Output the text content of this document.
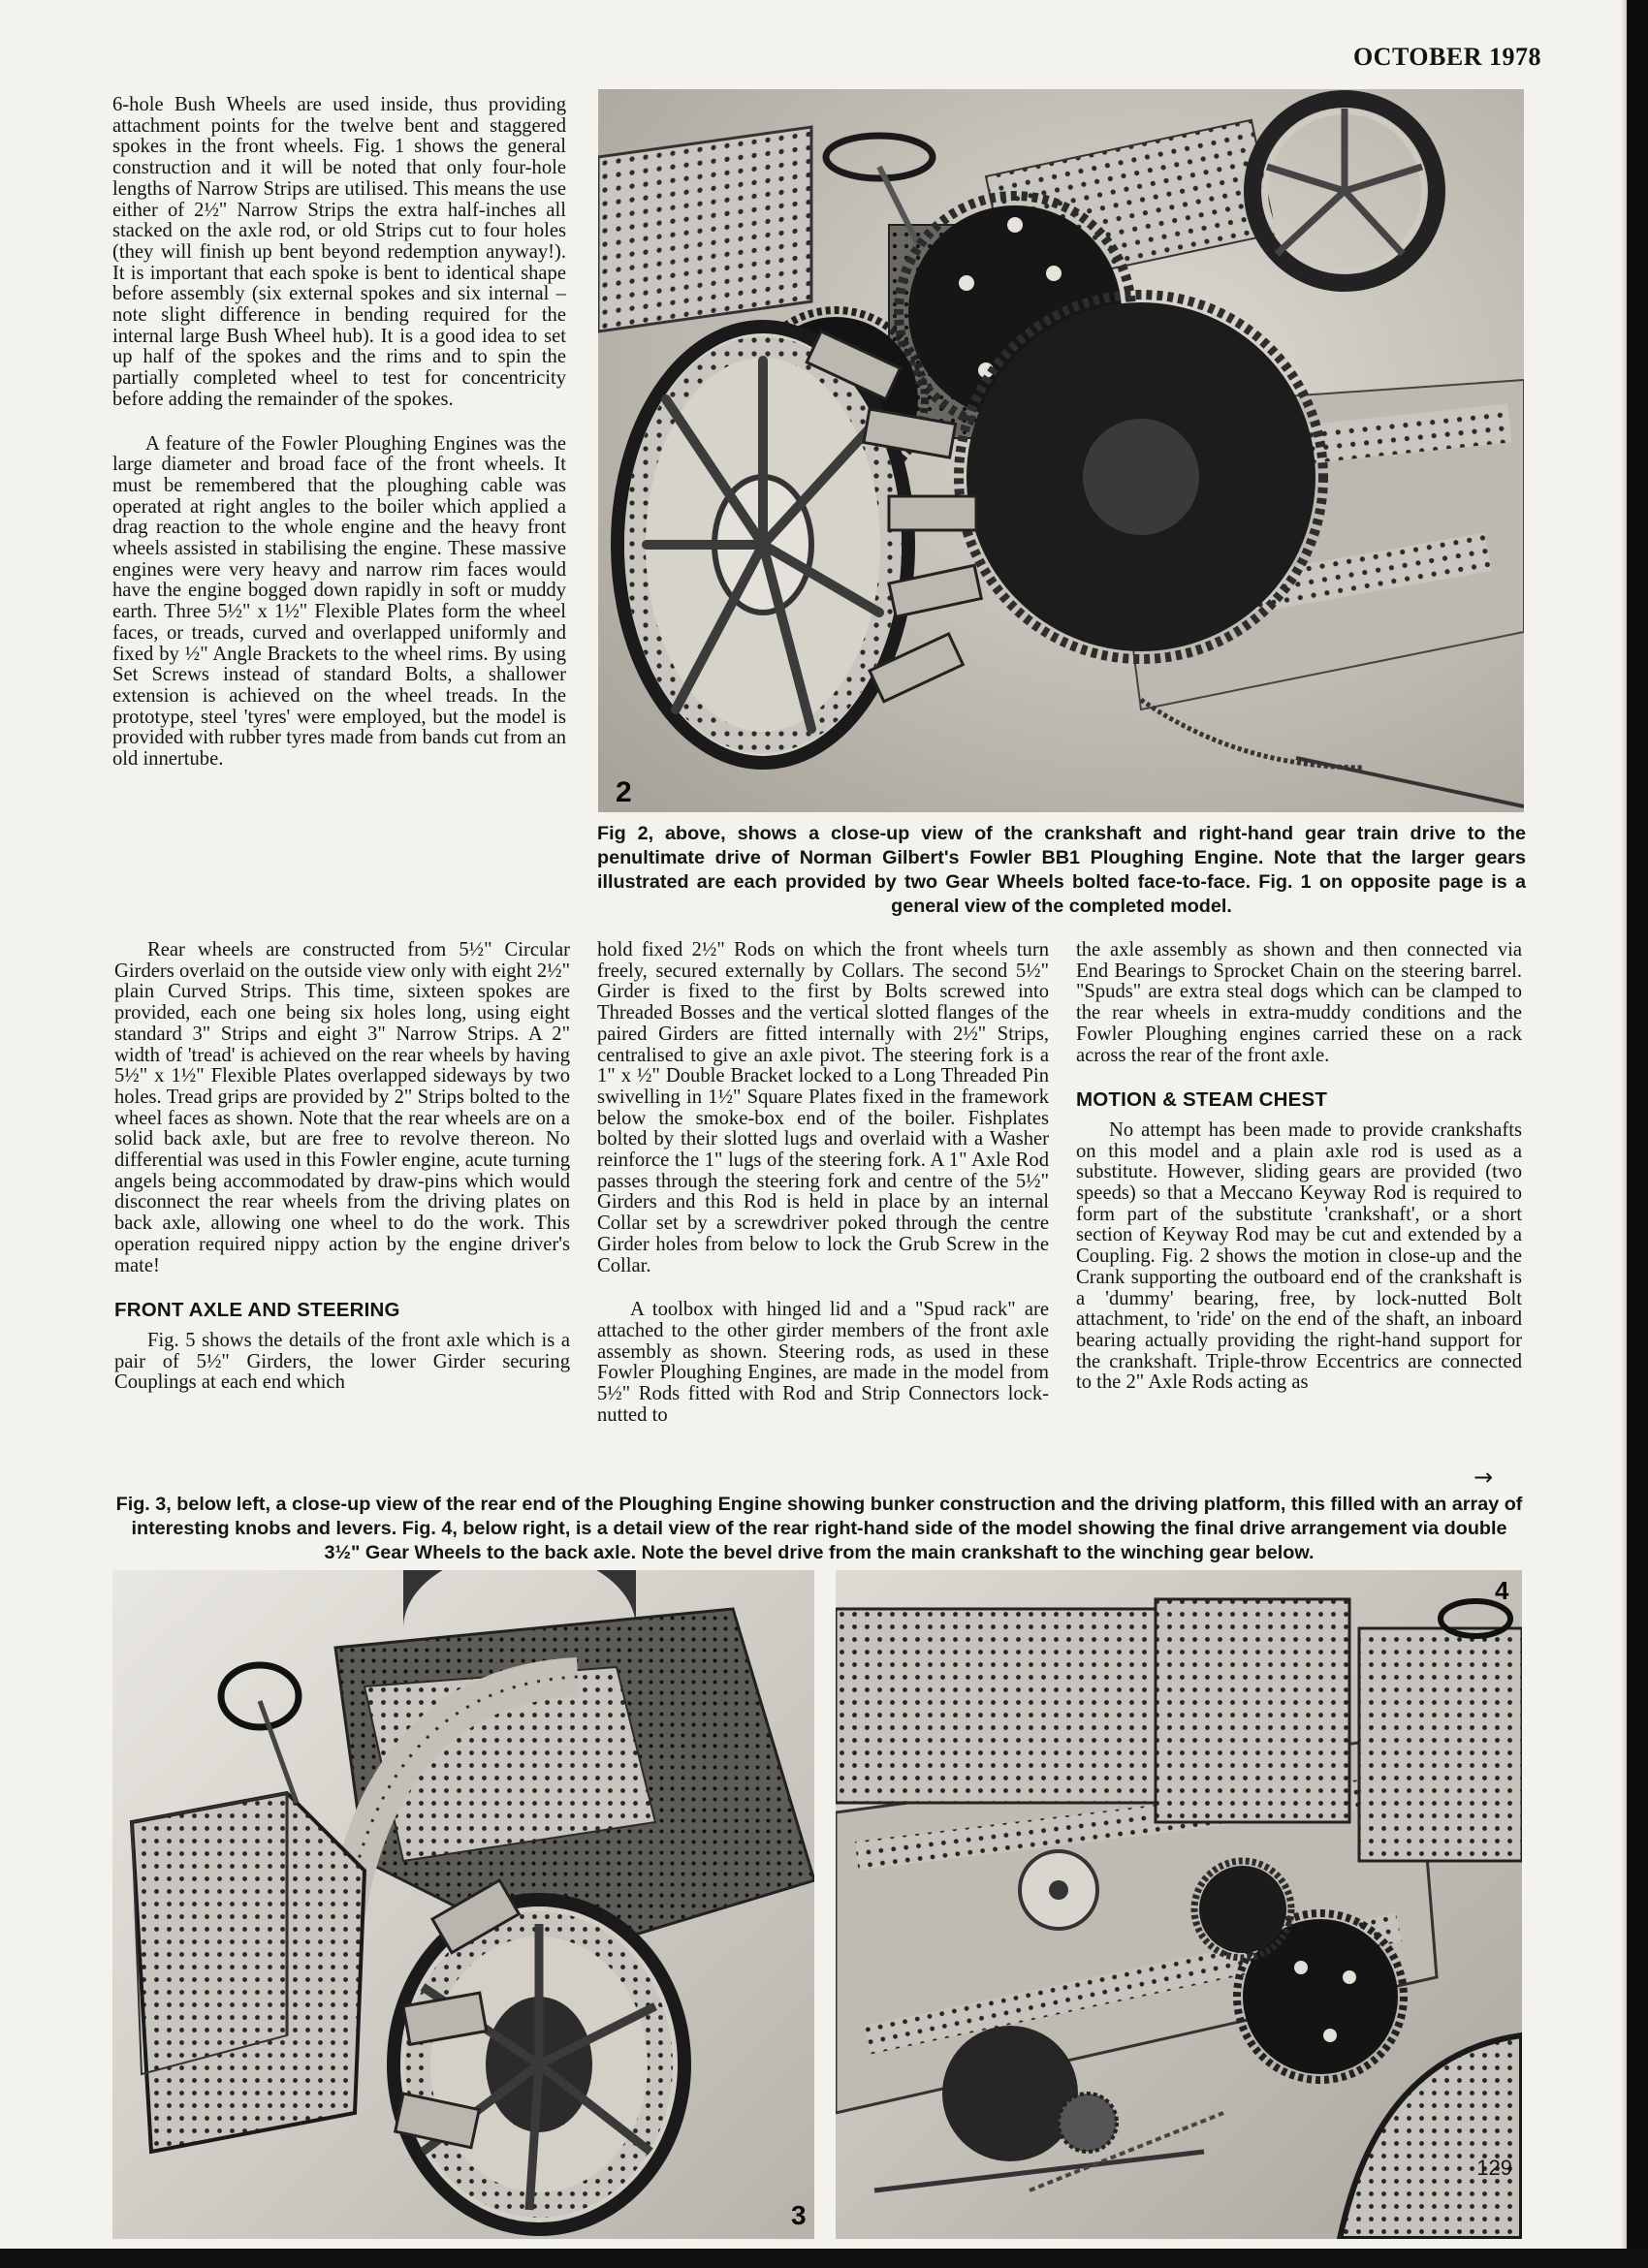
OCTOBER 1978

6-hole Bush Wheels are used inside, thus providing attachment points for the twelve bent and staggered spokes in the front wheels. Fig. 1 shows the general construction and it will be noted that only four-hole lengths of Narrow Strips are utilised. This means the use either of 2½" Narrow Strips the extra half-inches all stacked on the axle rod, or old Strips cut to four holes (they will finish up bent beyond redemption anyway!). It is important that each spoke is bent to identical shape before assembly (six external spokes and six internal – note slight difference in bending required for the internal large Bush Wheel hub). It is a good idea to set up half of the spokes and the rims and to spin the partially completed wheel to test for concentricity before adding the remainder of the spokes.

A feature of the Fowler Ploughing Engines was the large diameter and broad face of the front wheels. It must be remembered that the ploughing cable was operated at right angles to the boiler which applied a drag reaction to the whole engine and the heavy front wheels assisted in stabilising the engine. These massive engines were very heavy and narrow rim faces would have the engine bogged down rapidly in soft or muddy earth. Three 5½" x 1½" Flexible Plates form the wheel faces, or treads, curved and overlapped uniformly and fixed by ½" Angle Brackets to the wheel rims. By using Set Screws instead of standard Bolts, a shallower extension is achieved on the wheel treads. In the prototype, steel 'tyres' were employed, but the model is provided with rubber tyres made from bands cut from an old innertube.

2
Fig 2, above, shows a close-up view of the crankshaft and right-hand gear train drive to the penultimate drive of Norman Gilbert's Fowler BB1 Ploughing Engine. Note that the larger gears illustrated are each provided by two Gear Wheels bolted face-to-face. Fig. 1 on opposite page is a general view of the completed model.

Rear wheels are constructed from 5½" Circular Girders overlaid on the outside view only with eight 2½" plain Curved Strips. This time, sixteen spokes are provided, each one being six holes long, using eight standard 3" Strips and eight 3" Narrow Strips. A 2" width of 'tread' is achieved on the rear wheels by having 5½" x 1½" Flexible Plates overlapped sideways by two holes. Tread grips are provided by 2" Strips bolted to the wheel faces as shown. Note that the rear wheels are on a solid back axle, but are free to revolve thereon. No differential was used in this Fowler engine, acute turning angels being accommodated by draw-pins which would disconnect the rear wheels from the driving plates on back axle, allowing one wheel to do the work. This operation required nippy action by the engine driver's mate!

FRONT AXLE AND STEERING

Fig. 5 shows the details of the front axle which is a pair of 5½" Girders, the lower Girder securing Couplings at each end which

hold fixed 2½" Rods on which the front wheels turn freely, secured externally by Collars. The second 5½" Girder is fixed to the first by Bolts screwed into Threaded Bosses and the vertical slotted flanges of the paired Girders are fitted internally with 2½" Strips, centralised to give an axle pivot. The steering fork is a 1" x ½" Double Bracket locked to a Long Threaded Pin swivelling in 1½" Square Plates fixed in the framework below the smoke-box end of the boiler. Fishplates bolted by their slotted lugs and overlaid with a Washer reinforce the 1" lugs of the steering fork. A 1" Axle Rod passes through the steering fork and centre of the 5½" Girders and this Rod is held in place by an internal Collar set by a screwdriver poked through the centre Girder holes from below to lock the Grub Screw in the Collar.

A toolbox with hinged lid and a "Spud rack" are attached to the other girder members of the front axle assembly as shown. Steering rods, as used in these Fowler Ploughing Engines, are made in the model from 5½" Rods fitted with Rod and Strip Connectors lock-nutted to

the axle assembly as shown and then connected via End Bearings to Sprocket Chain on the steering barrel. "Spuds" are extra steal dogs which can be clamped to the rear wheels in extra-muddy conditions and the Fowler Ploughing engines carried these on a rack across the rear of the front axle.

MOTION & STEAM CHEST

No attempt has been made to provide crankshafts on this model and a plain axle rod is used as a substitute. However, sliding gears are provided (two speeds) so that a Meccano Keyway Rod is required to form part of the substitute 'crankshaft', or a short section of Keyway Rod may be cut and extended by a Coupling. Fig. 2 shows the motion in close-up and the Crank supporting the outboard end of the crankshaft is a 'dummy' bearing, free, by lock-nutted Bolt attachment, to 'ride' on the end of the shaft, an inboard bearing actually providing the right-hand support for the crankshaft. Triple-throw Eccentrics are connected to the 2" Axle Rods acting as

→
Fig. 3, below left, a close-up view of the rear end of the Ploughing Engine showing bunker construction and the driving platform, this filled with an array of interesting knobs and levers. Fig. 4, below right, is a detail view of the rear right-hand side of the model showing the final drive arrangement via double 3½" Gear Wheels to the back axle. Note the bevel drive from the main crankshaft to the winching gear below.
3
4
129
